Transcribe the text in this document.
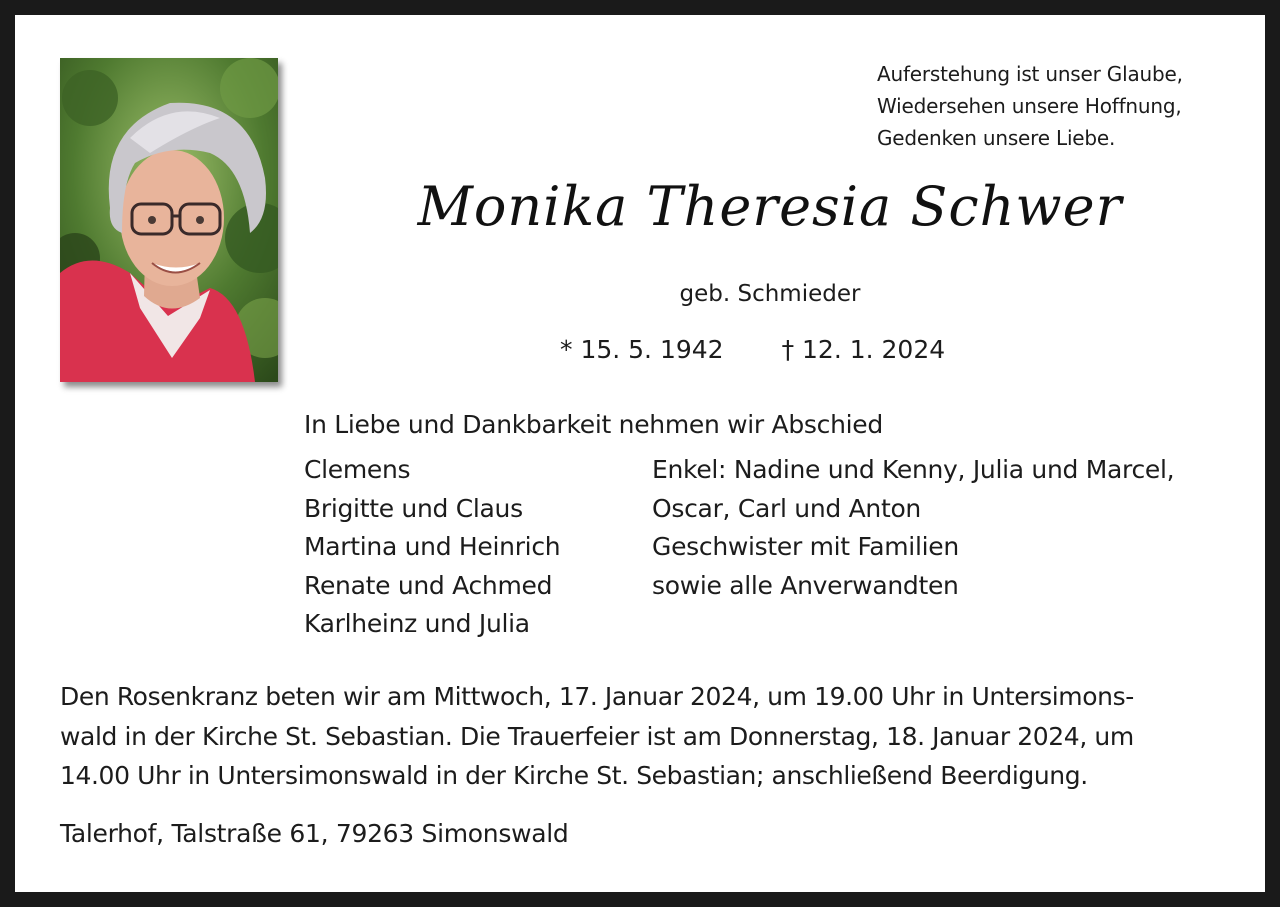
Auferstehung ist unser Glaube,
Wiedersehen unsere Hoffnung,
Gedenken unsere Liebe.
Monika Theresia Schwer
geb. Schmieder
* 15. 5. 1942 † 12. 1. 2024
In Liebe und Dankbarkeit nehmen wir Abschied
Clemens
Brigitte und Claus
Martina und Heinrich
Renate und Achmed
Karlheinz und Julia
Enkel: Nadine und Kenny, Julia und Marcel,
Oscar, Carl und Anton
Geschwister mit Familien
sowie alle Anverwandten
Den Rosenkranz beten wir am Mittwoch, 17. Januar 2024, um 19.00 Uhr in Untersimons-
wald in der Kirche St. Sebastian. Die Trauerfeier ist am Donnerstag, 18. Januar 2024, um
14.00 Uhr in Untersimonswald in der Kirche St. Sebastian; anschließend Beerdigung.
Talerhof, Talstraße 61, 79263 Simonswald
